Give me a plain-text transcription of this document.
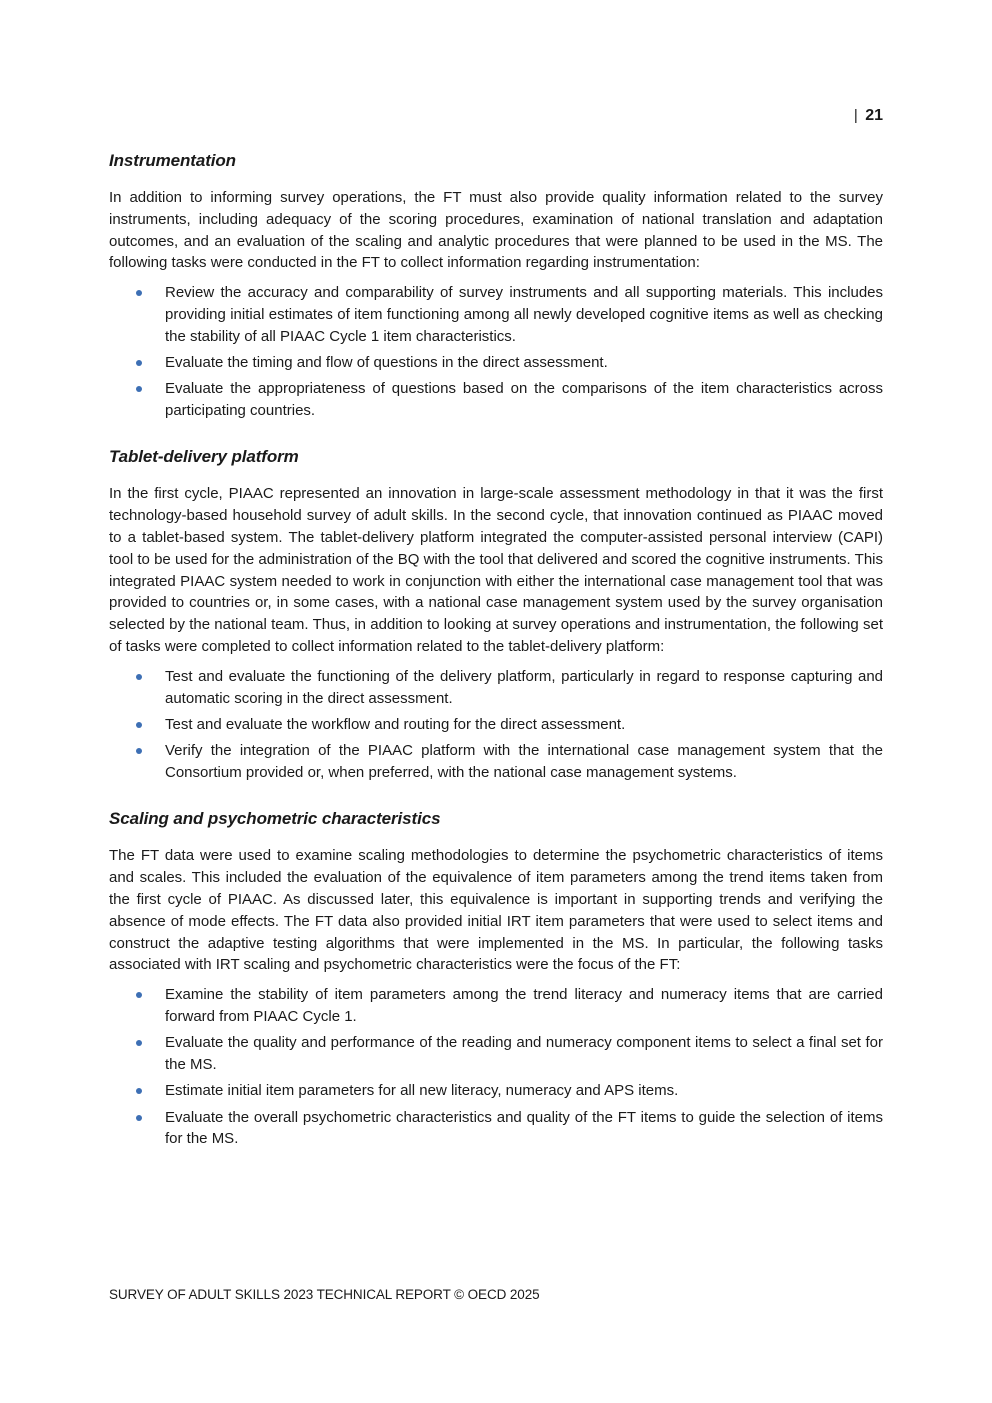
| 21
Instrumentation

In addition to informing survey operations, the FT must also provide quality information related to the survey instruments, including adequacy of the scoring procedures, examination of national translation and adaptation outcomes, and an evaluation of the scaling and analytic procedures that were planned to be used in the MS. The following tasks were conducted in the FT to collect information regarding instrumentation:

Review the accuracy and comparability of survey instruments and all supporting materials. This includes providing initial estimates of item functioning among all newly developed cognitive items as well as checking the stability of all PIAAC Cycle 1 item characteristics.
Evaluate the timing and flow of questions in the direct assessment.
Evaluate the appropriateness of questions based on the comparisons of the item characteristics across participating countries.
Tablet-delivery platform

In the first cycle, PIAAC represented an innovation in large-scale assessment methodology in that it was the first technology-based household survey of adult skills. In the second cycle, that innovation continued as PIAAC moved to a tablet-based system. The tablet-delivery platform integrated the computer-assisted personal interview (CAPI) tool to be used for the administration of the BQ with the tool that delivered and scored the cognitive instruments. This integrated PIAAC system needed to work in conjunction with either the international case management tool that was provided to countries or, in some cases, with a national case management system used by the survey organisation selected by the national team. Thus, in addition to looking at survey operations and instrumentation, the following set of tasks were completed to collect information related to the tablet-delivery platform:

Test and evaluate the functioning of the delivery platform, particularly in regard to response capturing and automatic scoring in the direct assessment.
Test and evaluate the workflow and routing for the direct assessment.
Verify the integration of the PIAAC platform with the international case management system that the Consortium provided or, when preferred, with the national case management systems.
Scaling and psychometric characteristics

The FT data were used to examine scaling methodologies to determine the psychometric characteristics of items and scales. This included the evaluation of the equivalence of item parameters among the trend items taken from the first cycle of PIAAC. As discussed later, this equivalence is important in supporting trends and verifying the absence of mode effects. The FT data also provided initial IRT item parameters that were used to select items and construct the adaptive testing algorithms that were implemented in the MS. In particular, the following tasks associated with IRT scaling and psychometric characteristics were the focus of the FT:

Examine the stability of item parameters among the trend literacy and numeracy items that are carried forward from PIAAC Cycle 1.
Evaluate the quality and performance of the reading and numeracy component items to select a final set for the MS.
Estimate initial item parameters for all new literacy, numeracy and APS items.
Evaluate the overall psychometric characteristics and quality of the FT items to guide the selection of items for the MS.
SURVEY OF ADULT SKILLS 2023 TECHNICAL REPORT © OECD 2025
